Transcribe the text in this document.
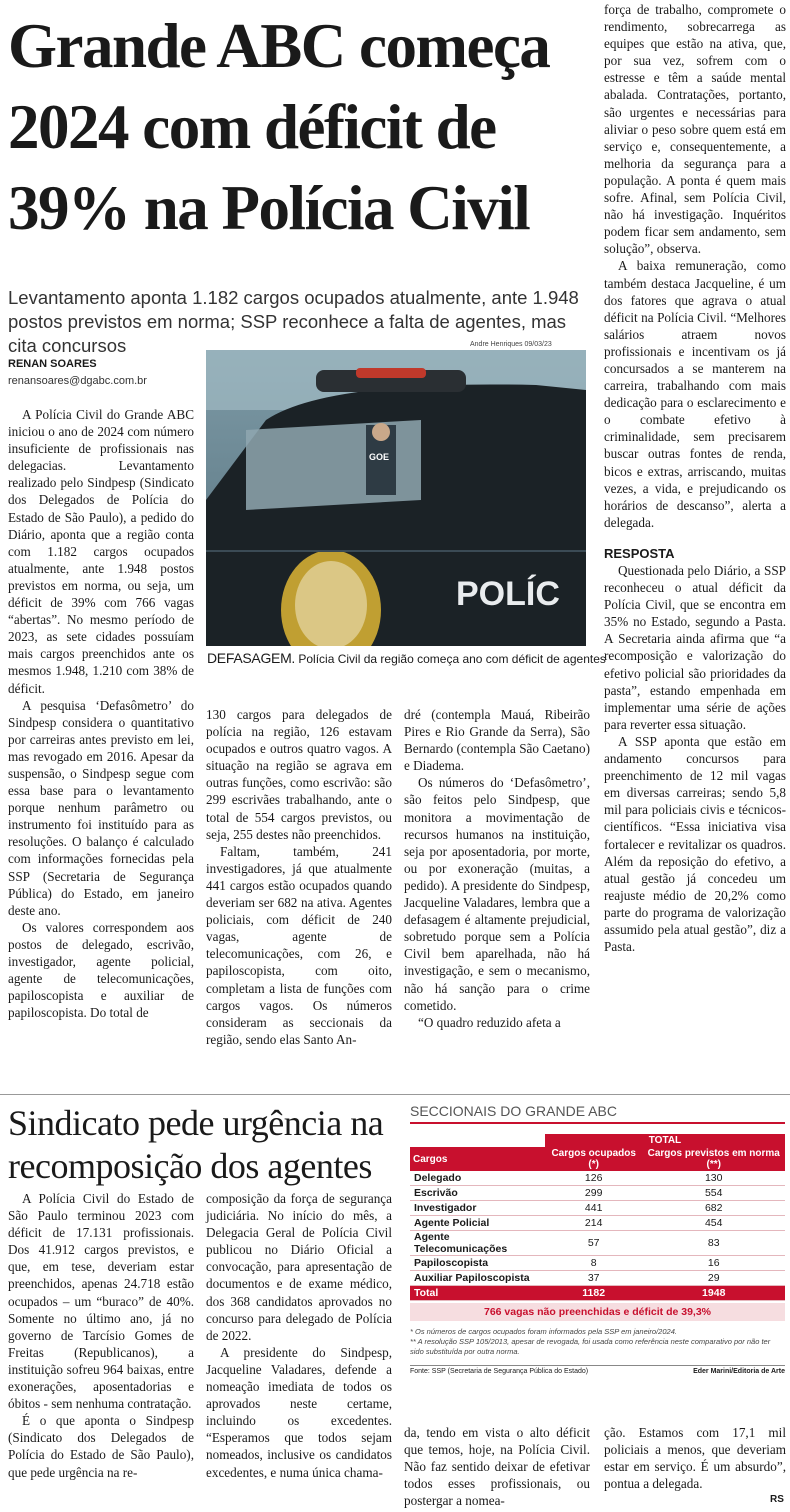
Grande ABC começa 2024 com déficit de 39% na Polícia Civil

Levantamento aponta 1.182 cargos ocupados atualmente, ante 1.948 postos previstos em norma; SSP reconhece a falta de agentes, mas cita concursos

RENAN SOARES
renansoares@dgabc.com.br
Andre Henriques 09/03/23
GOE
POLÍC
DEFASAGEM. Polícia Civil da região começa ano com déficit de agentes

A Polícia Civil do Grande ABC iniciou o ano de 2024 com número insuficiente de profissionais nas delegacias. Levantamento realizado pelo Sindpesp (Sindicato dos Delegados de Polícia do Estado de São Paulo), a pedido do Diário, aponta que a região conta com 1.182 cargos ocupados atualmente, ante 1.948 postos previstos em norma, ou seja, um déficit de 39% com 766 vagas “abertas”. No mesmo período de 2023, as sete cidades possuíam mais cargos preenchidos ante os mesmos 1.948, 1.210 com 38% de déficit.

A pesquisa ‘Defasômetro’ do Sindpesp considera o quantitativo por carreiras antes previsto em lei, mas revogado em 2016. Apesar da suspensão, o Sindpesp segue com essa base para o levantamento porque nenhum parâmetro ou instrumento foi instituído para as resoluções. O balanço é calculado com informações fornecidas pela SSP (Secretaria de Segurança Pública) do Estado, em janeiro deste ano.

Os valores correspondem aos postos de delegado, escrivão, investigador, agente policial, agente de telecomunicações, papiloscopista e auxiliar de papiloscopista. Do total de

130 cargos para delegados de polícia na região, 126 estavam ocupados e outros quatro vagos. A situação na região se agrava em outras funções, como escrivão: são 299 escrivães trabalhando, ante o total de 554 cargos previstos, ou seja, 255 destes não preenchidos.

Faltam, também, 241 investigadores, já que atualmente 441 cargos estão ocupados quando deveriam ser 682 na ativa. Agentes policiais, com déficit de 240 vagas, agente de telecomunicações, com 26, e papiloscopista, com oito, completam a lista de funções com cargos vagos. Os números consideram as seccionais da região, sendo elas Santo An-

dré (contempla Mauá, Ribeirão Pires e Rio Grande da Serra), São Bernardo (contempla São Caetano) e Diadema.

Os números do ‘Defasômetro’, são feitos pelo Sindpesp, que monitora a movimentação de recursos humanos na instituição, seja por aposentadoria, por morte, ou por exoneração (muitas, a pedido). A presidente do Sindpesp, Jacqueline Valadares, lembra que a defasagem é altamente prejudicial, sobretudo porque sem a Polícia Civil bem aparelhada, não há investigação, e sem o mecanismo, não há sanção para o crime cometido.

“O quadro reduzido afeta a

força de trabalho, compromete o rendimento, sobrecarrega as equipes que estão na ativa, que, por sua vez, sofrem com o estresse e têm a saúde mental abalada. Contratações, portanto, são urgentes e necessárias para aliviar o peso sobre quem está em serviço e, consequentemente, a melhoria da segurança para a população. A ponta é quem mais sofre. Afinal, sem Polícia Civil, não há investigação. Inquéritos podem ficar sem andamento, sem solução”, observa.

A baixa remuneração, como também destaca Jacqueline, é um dos fatores que agrava o atual déficit na Polícia Civil. “Melhores salários atraem novos profissionais e incentivam os já concursados a se manterem na carreira, trabalhando com mais dedicação para o esclarecimento e o combate efetivo à criminalidade, sem precisarem buscar outras fontes de renda, bicos e extras, arriscando, muitas vezes, a vida, e prejudicando os horários de descanso”, alerta a delegada.

RESPOSTA

Questionada pelo Diário, a SSP reconheceu o atual déficit da Polícia Civil, que se encontra em 35% no Estado, segundo a Pasta. A Secretaria ainda afirma que “a recomposição e valorização do efetivo policial são prioridades da pasta”, estando empenhada em implementar uma série de ações para reverter essa situação.

A SSP aponta que estão em andamento concursos para preenchimento de 12 mil vagas em diversas carreiras; sendo 5,8 mil para policiais civis e técnicos-científicos. “Essa iniciativa visa fortalecer e revitalizar os quadros. Além da reposição do efetivo, a atual gestão já concedeu um reajuste médio de 20,2% como parte do programa de valorização assumido pela atual gestão”, diz a Pasta.

Sindicato pede urgência na recomposição dos agentes

A Polícia Civil do Estado de São Paulo terminou 2023 com déficit de 17.131 profissionais. Dos 41.912 cargos previstos, e que, em tese, deveriam estar preenchidos, apenas 24.718 estão ocupados – um “buraco” de 40%. Somente no último ano, já no governo de Tarcísio Gomes de Freitas (Republicanos), a instituição sofreu 964 baixas, entre exonerações, aposentadorias e óbitos - sem nenhuma contratação.

É o que aponta o Sindpesp (Sindicato dos Delegados de Polícia do Estado de São Paulo), que pede urgência na re-

composição da força de segurança judiciária. No início do mês, a Delegacia Geral de Polícia Civil publicou no Diário Oficial a convocação, para apresentação de documentos e de exame médico, dos 368 candidatos aprovados no concurso para delegado de Polícia de 2022.

A presidente do Sindpesp, Jacqueline Valadares, defende a nomeação imediata de todos os aprovados neste certame, incluindo os excedentes. “Esperamos que todos sejam nomeados, inclusive os candidatos excedentes, e numa única chama-

da, tendo em vista o alto déficit que temos, hoje, na Polícia Civil. Não faz sentido deixar de efetivar todos esses profissionais, ou postergar a nomea-

ção. Estamos com 17,1 mil policiais a menos, que deveriam estar em serviço. É um absurdo”, pontua a delegada.

SECCIONAIS DO GRANDE ABC
	TOTAL	
Cargos	Cargos ocupados (*)	Cargos previstos em norma (**)
Delegado	126	130
Escrivão	299	554
Investigador	441	682
Agente Policial	214	454
Agente Telecomunicações	57	83
Papiloscopista	8	16
Auxiliar Papiloscopista	37	29
Total	1182	1948
766 vagas não preenchidas e déficit de 39,3%
* Os números de cargos ocupados foram informados pela SSP em janeiro/2024.
** A resolução SSP 105/2013, apesar de revogada, foi usada como referência neste comparativo por não ter sido substituída por outra norma.
Fonte: SSP (Secretaria de Segurança Pública do Estado)	Eder Marini/Editoria de Arte
RS
